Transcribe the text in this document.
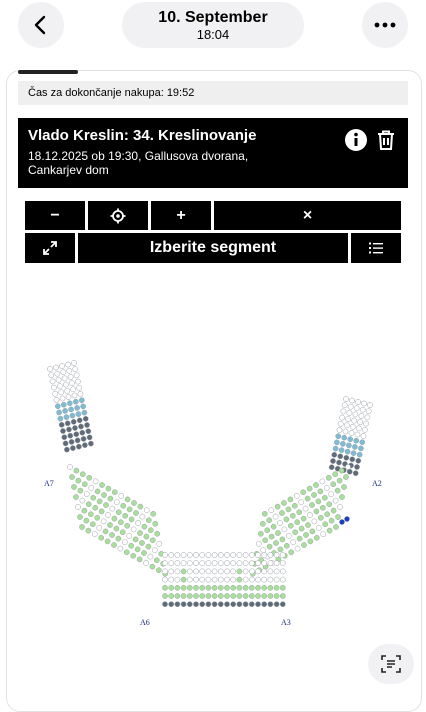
10. September
18:04
Čas za dokončanje nakupa: 19:52
Vlado Kreslin: 34. Kreslinovanje
18.12.2025 ob 19:30, Gallusova dvorana, Cankarjev dom
−	+	×
Izberite segment
A7
A6	A3
A2
